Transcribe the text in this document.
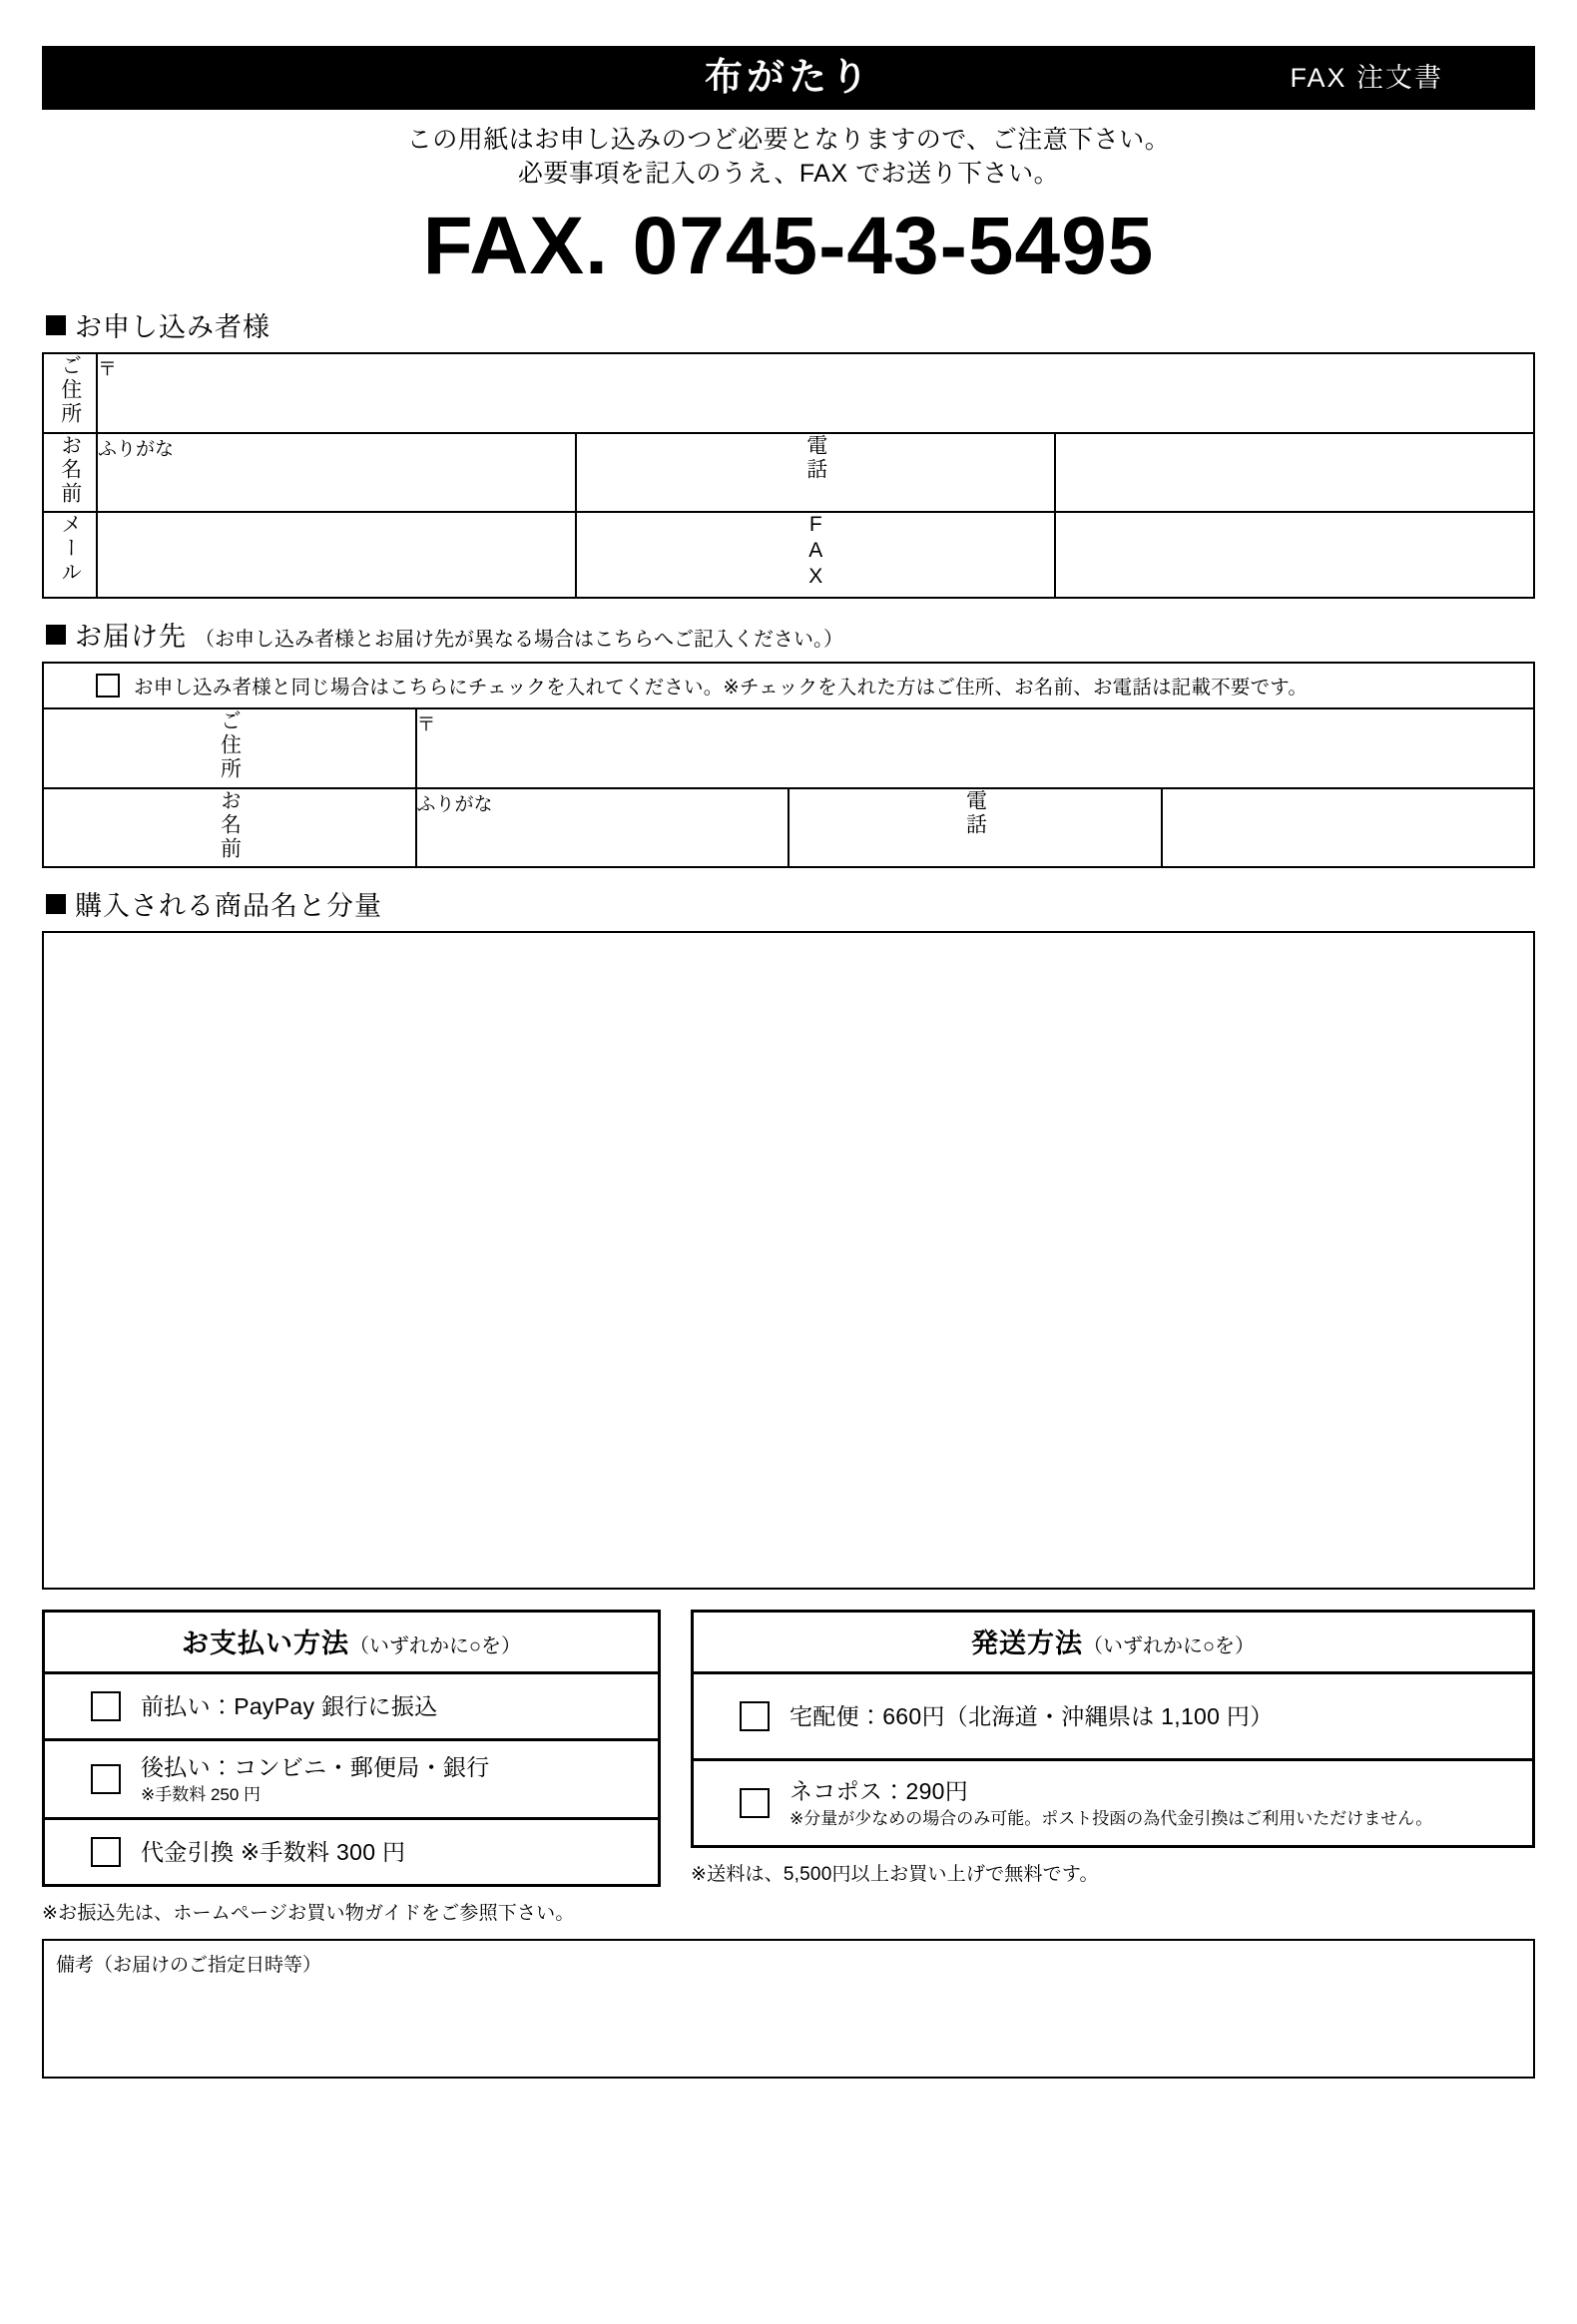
布がたり	FAX 注文書
この用紙はお申し込みのつど必要となりますので、ご注意下さい。
必要事項を記入のうえ、FAX でお送り下さい。
FAX. 0745-43-5495
お申し込み者様
ご住所	〒		
お名前	ふりがな	電話	
メール		FAX	
お届け先 （お申し込み者様とお届け先が異なる場合はこちらへご記入ください。）
お申し込み者様と同じ場合はこちらにチェックを入れてください。※チェックを入れた方はご住所、お名前、お電話は記載不要です。			

ご住所	〒		
お名前	ふりがな	電話	
購入される商品名と分量
お支払い方法（いずれかに○を）
前払い：PayPay 銀行に振込
後払い：コンビニ・郵便局・銀行
※手数料 250 円
代金引換 ※手数料 300 円
※お振込先は、ホームページお買い物ガイドをご参照下さい。
発送方法（いずれかに○を）
宅配便：660円（北海道・沖縄県は 1,100 円）
ネコポス：290円
※分量が少なめの場合のみ可能。ポスト投函の為代金引換はご利用いただけません。
※送料は、5,500円以上お買い上げで無料です。
備考（お届けのご指定日時等）
